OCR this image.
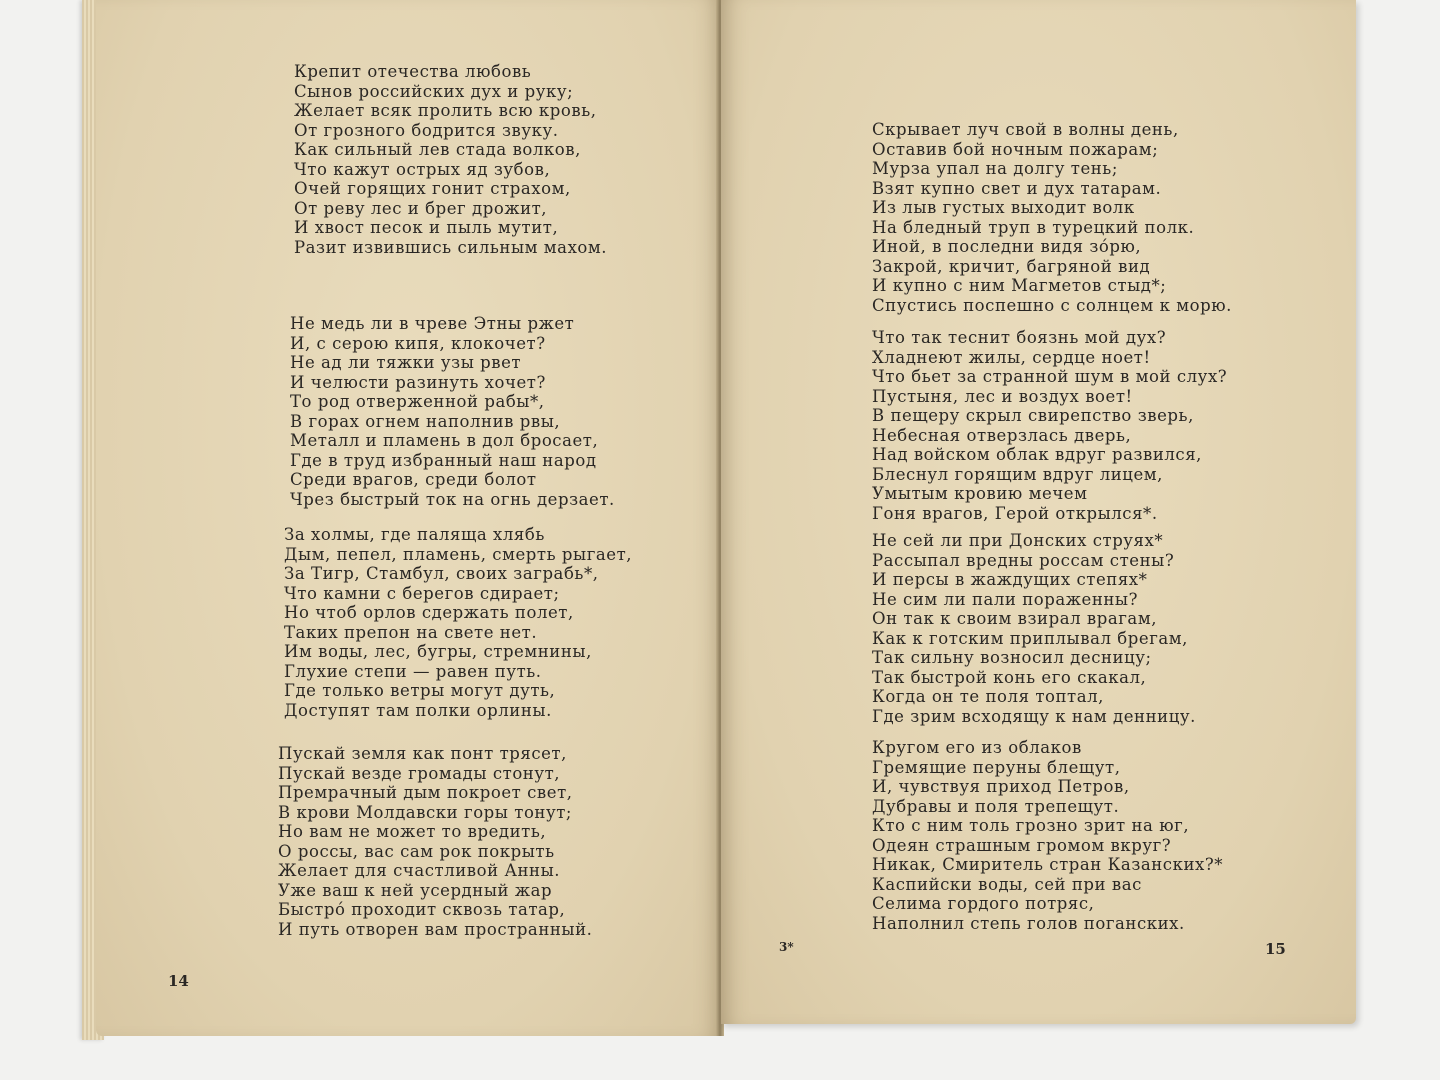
Крепит отечества любовь
Сынов российских дух и руку;
Желает всяк пролить всю кровь,
От грозного бодрится звуку.
Как сильный лев стада волков,
Что кажут острых яд зубов,
Очей горящих гонит страхом,
От реву лес и брег дрожит,
И хвост песок и пыль мутит,
Разит извившись сильным махом.
Не медь ли в чреве Этны ржет
И, с серою кипя, клокочет?
Не ад ли тяжки узы рвет
И челюсти разинуть хочет?
То род отверженной рабы*,
В горах огнем наполнив рвы,
Металл и пламень в дол бросает,
Где в труд избранный наш народ
Среди врагов, среди болот
Чрез быстрый ток на огнь дерзает.
За холмы, где паляща хлябь
Дым, пепел, пламень, смерть рыгает,
За Тигр, Стамбул, своих заграбь*,
Что камни с берегов сдирает;
Но чтоб орлов сдержать полет,
Таких препон на свете нет.
Им воды, лес, бугры, стремнины,
Глухие степи — равен путь.
Где только ветры могут дуть,
Доступят там полки орлины.
Пускай земля как понт трясет,
Пускай везде громады стонут,
Премрачный дым покроет свет,
В крови Молдавски горы тонут;
Но вам не может то вредить,
О россы, вас сам рок покрыть
Желает для счастливой Анны.
Уже ваш к ней усердный жар
Быстро́ проходит сквозь татар,
И путь отворен вам пространный.
14
Скрывает луч свой в волны день,
Оставив бой ночным пожарам;
Мурза упал на долгу тень;
Взят купно свет и дух татарам.
Из лыв густых выходит волк
На бледный труп в турецкий полк.
Иной, в последни видя зо́рю,
Закрой, кричит, багряной вид
И купно с ним Магметов стыд*;
Спустись поспешно с солнцем к морю.
Что так теснит боязнь мой дух?
Хладнеют жилы, сердце ноет!
Что бьет за странной шум в мой слух?
Пустыня, лес и воздух воет!
В пещеру скрыл свирепство зверь,
Небесная отверзлась дверь,
Над войском облак вдруг развился,
Блеснул горящим вдруг лицем,
Умытым кровию мечем
Гоня врагов, Герой открылся*.
Не сей ли при Донских струях*
Рассыпал вредны россам стены?
И персы в жаждущих степях*
Не сим ли пали пораженны?
Он так к своим взирал врагам,
Как к готским приплывал брегам,
Так сильну возносил десницу;
Так быстрой конь его скакал,
Когда он те поля топтал,
Где зрим всходящу к нам денницу.
Кругом его из облаков
Гремящие перуны блещут,
И, чувствуя приход Петров,
Дубравы и поля трепещут.
Кто с ним толь грозно зрит на юг,
Одеян страшным громом вкруг?
Никак, Смиритель стран Казанских?*
Каспийски воды, сей при вас
Селима гордого потряс,
Наполнил степь голов поганских.
3*	15
